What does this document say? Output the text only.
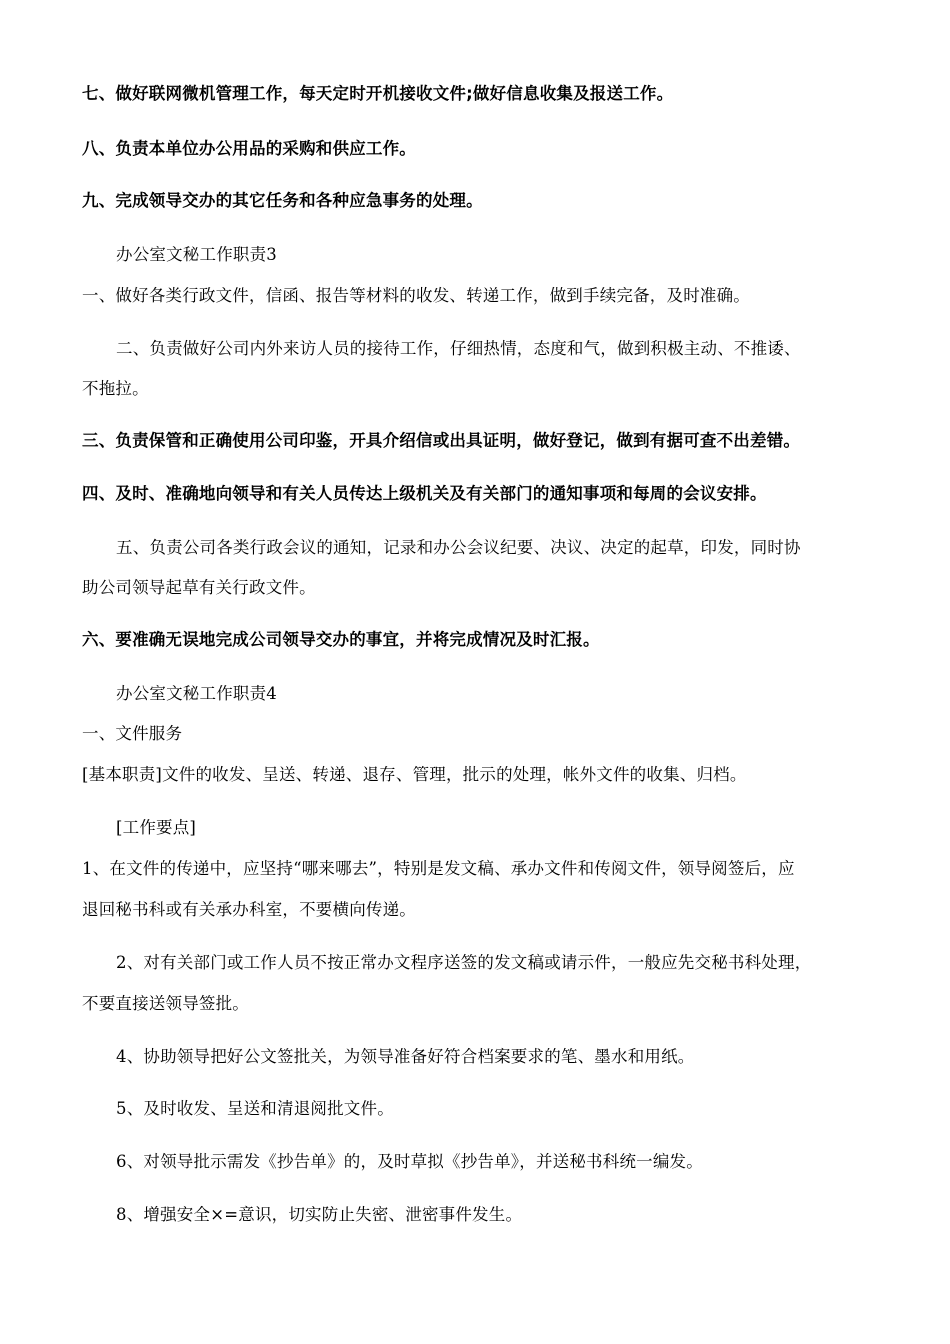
七、做好联网微机管理工作，每天定时开机接收文件;做好信息收集及报送工作。
八、负责本单位办公用品的采购和供应工作。
九、完成领导交办的其它任务和各种应急事务的处理。
办公室文秘工作职责3
一、做好各类行政文件，信函、报告等材料的收发、转递工作，做到手续完备，及时准确。
二、负责做好公司内外来访人员的接待工作，仔细热情，态度和气，做到积极主动、不推诿、
不拖拉。
三、负责保管和正确使用公司印鉴，开具介绍信或出具证明，做好登记，做到有据可查不出差错。
四、及时、准确地向领导和有关人员传达上级机关及有关部门的通知事项和每周的会议安排。
五、负责公司各类行政会议的通知，记录和办公会议纪要、决议、决定的起草，印发，同时协
助公司领导起草有关行政文件。
六、要准确无误地完成公司领导交办的事宜，并将完成情况及时汇报。
办公室文秘工作职责4
一、文件服务
[基本职责]文件的收发、呈送、转递、退存、管理，批示的处理，帐外文件的收集、归档。
[工作要点]
1、在文件的传递中，应坚持“哪来哪去”，特别是发文稿、承办文件和传阅文件，领导阅签后，应
退回秘书科或有关承办科室，不要横向传递。
2、对有关部门或工作人员不按正常办文程序送签的发文稿或请示件，一般应先交秘书科处理，
不要直接送领导签批。
4、协助领导把好公文签批关，为领导准备好符合档案要求的笔、墨水和用纸。
5、及时收发、呈送和清退阅批文件。
6、对领导批示需发《抄告单》的，及时草拟《抄告单》，并送秘书科统一编发。
8、增强安全×=意识，切实防止失密、泄密事件发生。
